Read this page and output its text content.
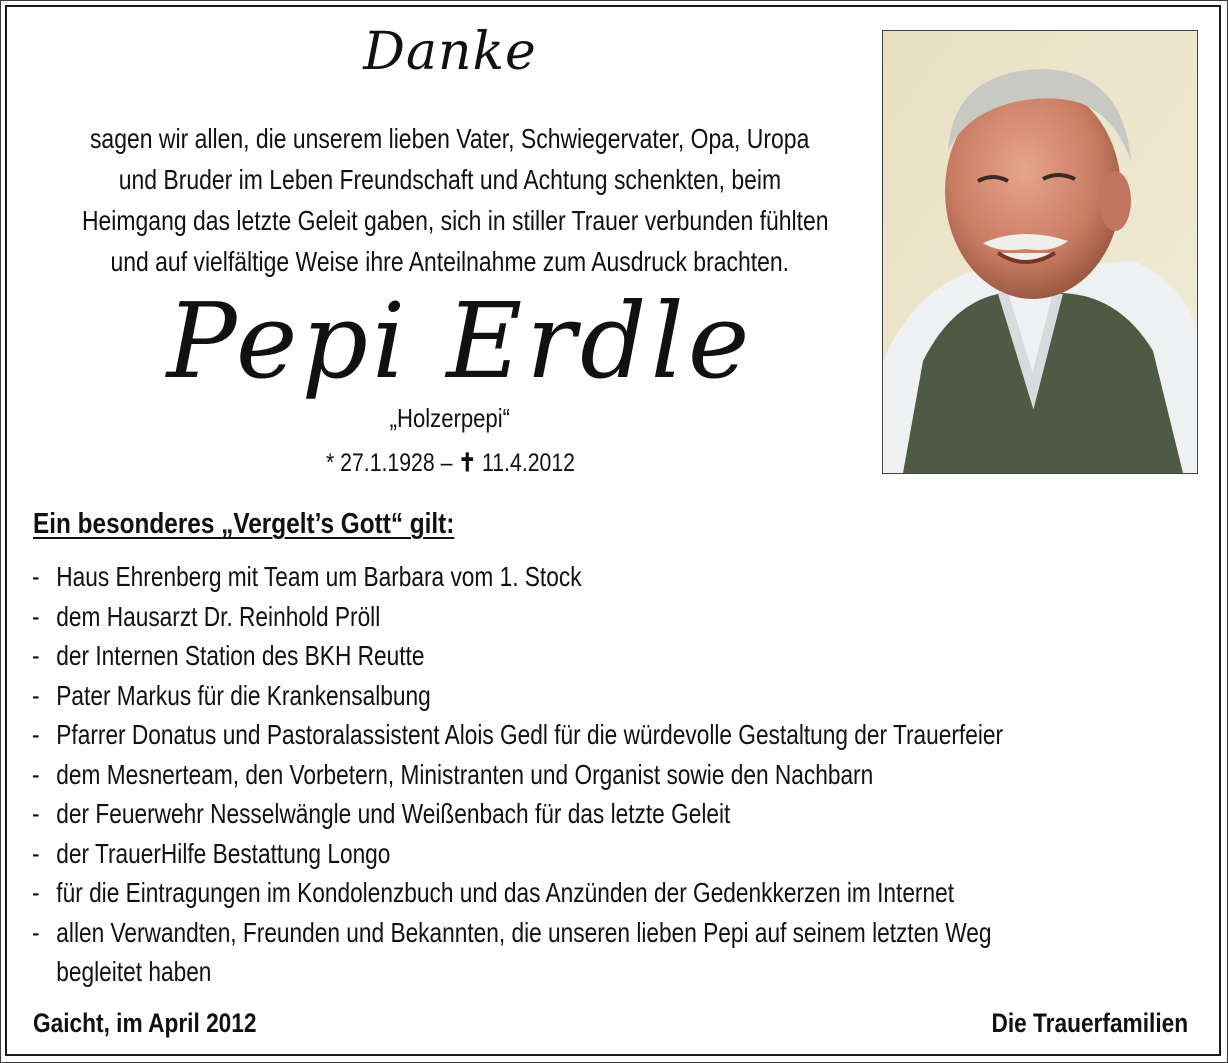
Danke
sagen wir allen, die unserem lieben Vater, Schwiegervater, Opa, Uropa
und Bruder im Leben Freundschaft und Achtung schenkten, beim
Heimgang das letzte Geleit gaben, sich in stiller Trauer verbunden fühlten
und auf vielfältige Weise ihre Anteilnahme zum Ausdruck brachten.
Pepi Erdle
„Holzerpepi“
* 27.1.1928 – ✝ 11.4.2012
Ein besonderes „Vergelt’s Gott“ gilt:
- Haus Ehrenberg mit Team um Barbara vom 1. Stock
- dem Hausarzt Dr. Reinhold Pröll
- der Internen Station des BKH Reutte
- Pater Markus für die Krankensalbung
- Pfarrer Donatus und Pastoralassistent Alois Gedl für die würdevolle Gestaltung der Trauerfeier
- dem Mesnerteam, den Vorbetern, Ministranten und Organist sowie den Nachbarn
- der Feuerwehr Nesselwängle und Weißenbach für das letzte Geleit
- der TrauerHilfe Bestattung Longo
- für die Eintragungen im Kondolenzbuch und das Anzünden der Gedenkkerzen im Internet
- allen Verwandten, Freunden und Bekannten, die unseren lieben Pepi auf seinem letzten Weg
begleitet haben
Gaicht, im April 2012	Die Trauerfamilien
